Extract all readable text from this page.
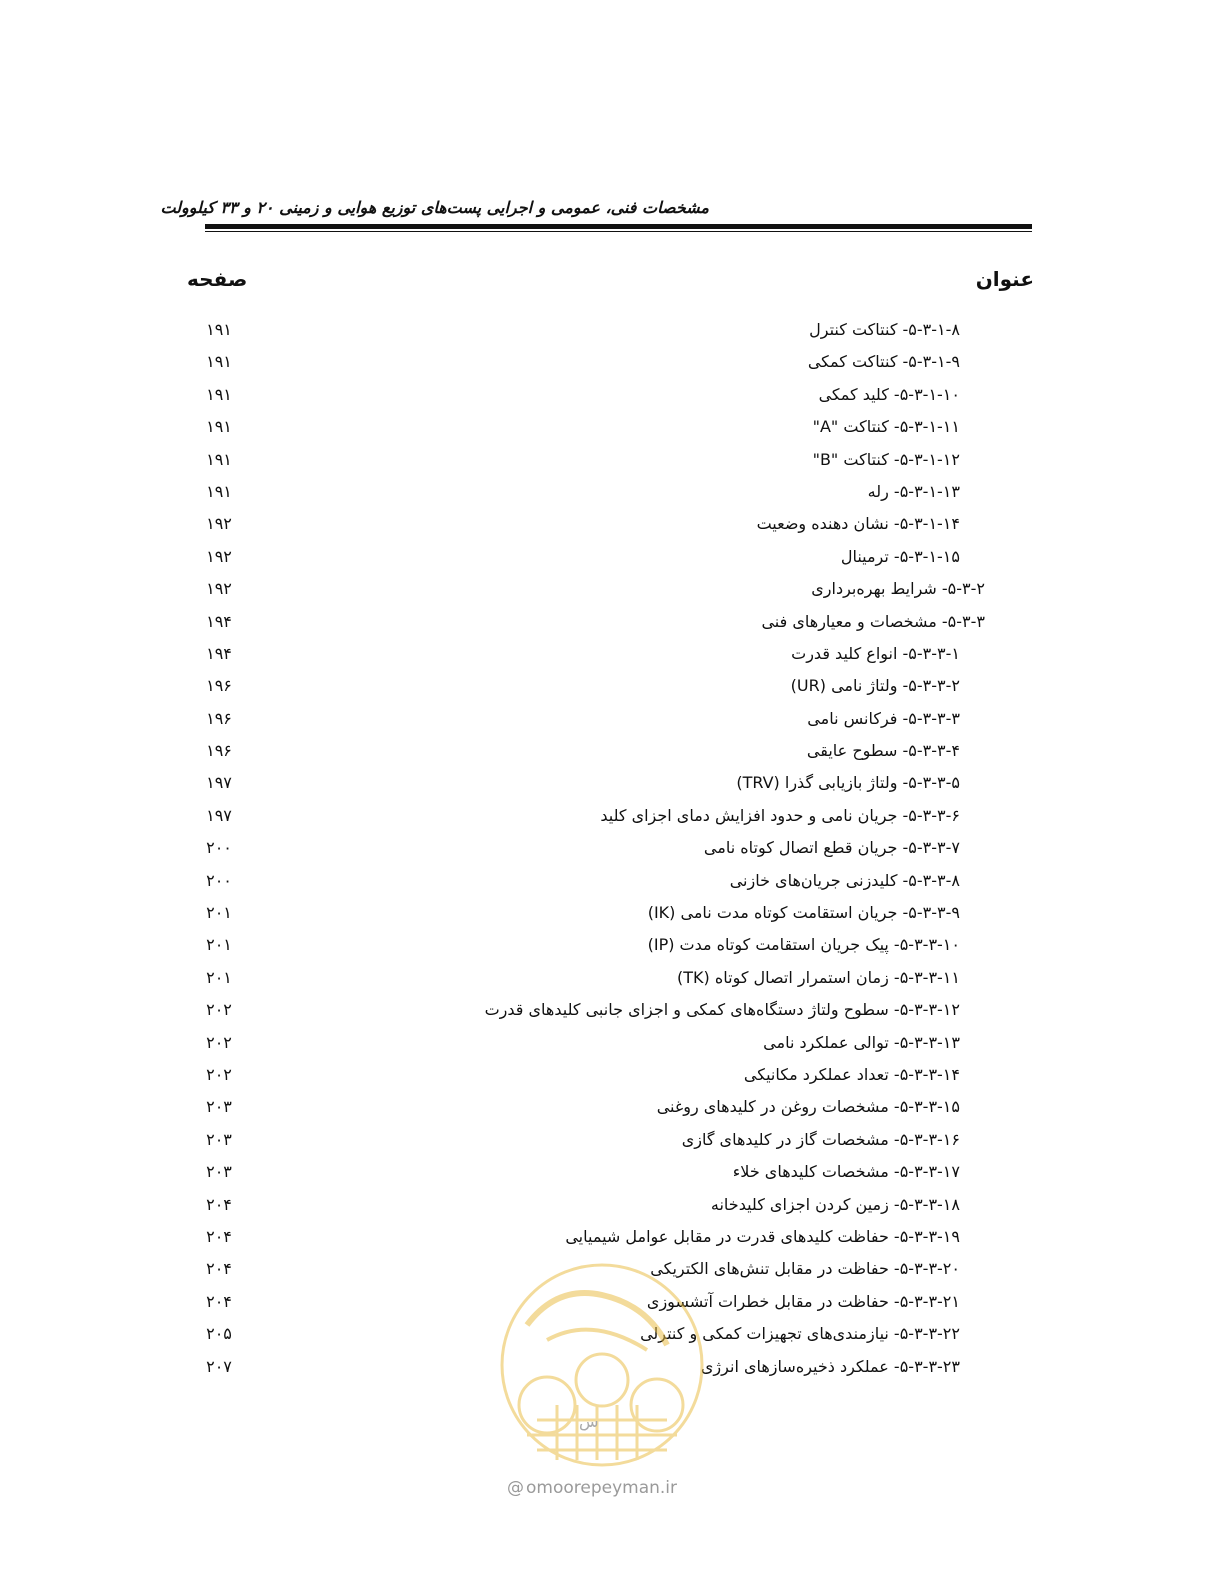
مشخصات فنی، عمومی و اجرایی پست‌های توزیع هوایی و زمینی ۲۰ و ۳۳ کیلوولت
عنوان
صفحه
۵-۳-۱-۸- کنتاکت کنترل
۱۹۱
۵-۳-۱-۹- کنتاکت کمکی
۱۹۱
۵-۳-۱-۱۰- کلید کمکی
۱۹۱
۵-۳-۱-۱۱- کنتاکت "A"
۱۹۱
۵-۳-۱-۱۲- کنتاکت "B"
۱۹۱
۵-۳-۱-۱۳- رله
۱۹۱
۵-۳-۱-۱۴- نشان دهنده وضعیت
۱۹۲
۵-۳-۱-۱۵- ترمینال
۱۹۲
۵-۳-۲- شرایط بهره‌برداری
۱۹۲
۵-۳-۳- مشخصات و معیارهای فنی
۱۹۴
۵-۳-۳-۱- انواع کلید قدرت
۱۹۴
۵-۳-۳-۲- ولتاژ نامی (UR)
۱۹۶
۵-۳-۳-۳- فرکانس نامی
۱۹۶
۵-۳-۳-۴- سطوح عایقی
۱۹۶
۵-۳-۳-۵- ولتاژ بازیابی گذرا (TRV)
۱۹۷
۵-۳-۳-۶- جریان نامی و حدود افزایش دمای اجزای کلید
۱۹۷
۵-۳-۳-۷- جریان قطع اتصال کوتاه نامی
۲۰۰
۵-۳-۳-۸- کلیدزنی جریان‌های خازنی
۲۰۰
۵-۳-۳-۹- جریان استقامت کوتاه مدت نامی (IK)
۲۰۱
۵-۳-۳-۱۰- پیک جریان استقامت کوتاه مدت (IP)
۲۰۱
۵-۳-۳-۱۱- زمان استمرار اتصال کوتاه (TK)
۲۰۱
۵-۳-۳-۱۲- سطوح ولتاژ دستگاه‌های کمکی و اجزای جانبی کلیدهای قدرت
۲۰۲
۵-۳-۳-۱۳- توالی عملکرد نامی
۲۰۲
۵-۳-۳-۱۴- تعداد عملکرد مکانیکی
۲۰۲
۵-۳-۳-۱۵- مشخصات روغن در کلیدهای روغنی
۲۰۳
۵-۳-۳-۱۶- مشخصات گاز در کلیدهای گازی
۲۰۳
۵-۳-۳-۱۷- مشخصات کلیدهای خلاء
۲۰۳
۵-۳-۳-۱۸- زمین کردن اجزای کلیدخانه
۲۰۴
۵-۳-۳-۱۹- حفاظت کلیدهای قدرت در مقابل عوامل شیمیایی
۲۰۴
۵-۳-۳-۲۰- حفاظت در مقابل تنش‌های الکتریکی
۲۰۴
۵-۳-۳-۲۱- حفاظت در مقابل خطرات آتشسوزی
۲۰۴
۵-۳-۳-۲۲- نیازمندی‌های تجهیزات کمکی و کنترلی
۲۰۵
۵-۳-۳-۲۳- عملکرد ذخیره‌سازهای انرژی
۲۰۷
س
@ omoorepeyman.ir
